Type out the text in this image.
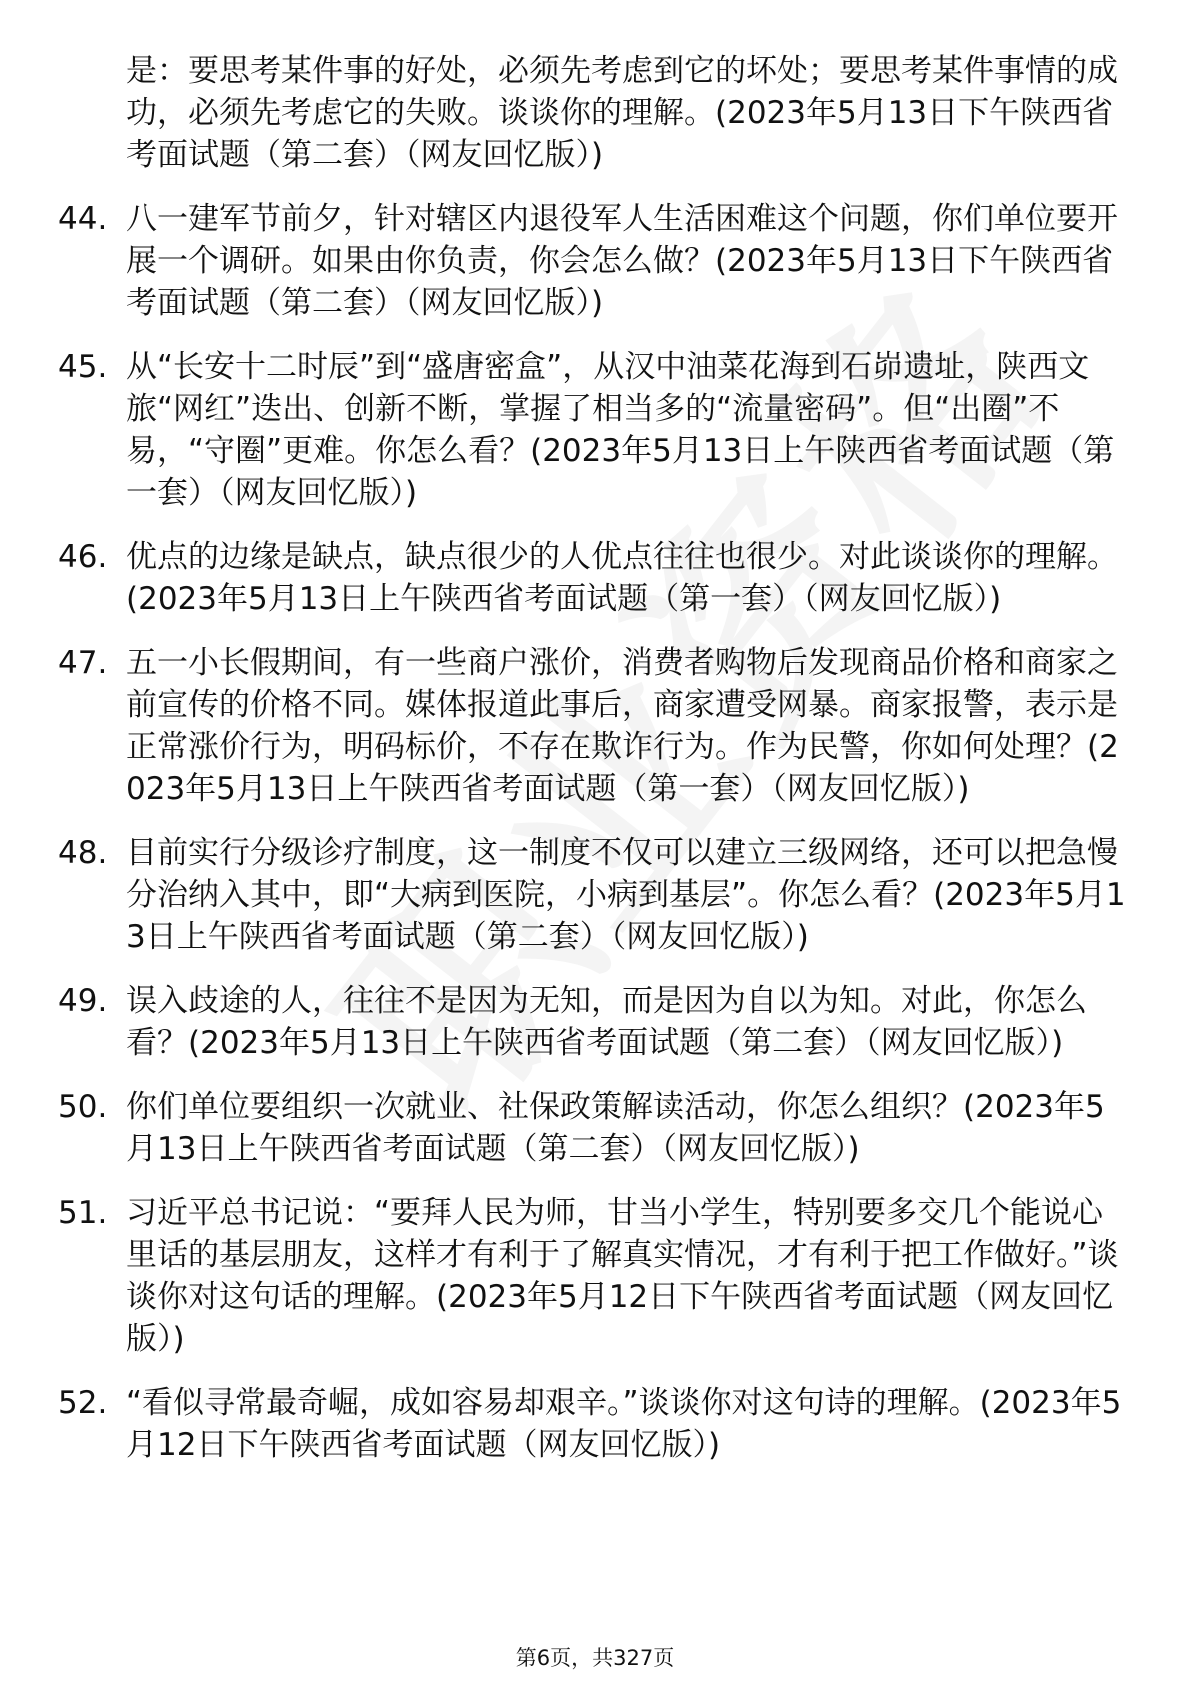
是：要思考某件事的好处，必须先考虑到它的坏处；要思考某件事情的成功，必须先考虑它的失败。谈谈你的理解。(2023年5月13日下午陕西省考面试题（第二套）（网友回忆版）)
44. 八一建军节前夕，针对辖区内退役军人生活困难这个问题，你们单位要开展一个调研。如果由你负责，你会怎么做？(2023年5月13日下午陕西省考面试题（第二套）（网友回忆版）)
45. 从“长安十二时辰”到“盛唐密盒”，从汉中油菜花海到石峁遗址，陕西文旅“网红”迭出、创新不断，掌握了相当多的“流量密码”。但“出圈”不易，“守圈”更难。你怎么看？(2023年5月13日上午陕西省考面试题（第一套）（网友回忆版）)
46. 优点的边缘是缺点，缺点很少的人优点往往也很少。对此谈谈你的理解。(2023年5月13日上午陕西省考面试题（第一套）（网友回忆版）)
47. 五一小长假期间，有一些商户涨价，消费者购物后发现商品价格和商家之前宣传的价格不同。媒体报道此事后，商家遭受网暴。商家报警，表示是正常涨价行为，明码标价，不存在欺诈行为。作为民警，你如何处理？(2023年5月13日上午陕西省考面试题（第一套）（网友回忆版）)
48. 目前实行分级诊疗制度，这一制度不仅可以建立三级网络，还可以把急慢分治纳入其中，即“大病到医院，小病到基层”。你怎么看？(2023年5月13日上午陕西省考面试题（第二套）（网友回忆版）)
49. 误入歧途的人，往往不是因为无知，而是因为自以为知。对此，你怎么看？(2023年5月13日上午陕西省考面试题（第二套）（网友回忆版）)
50. 你们单位要组织一次就业、社保政策解读活动，你怎么组织？(2023年5月13日上午陕西省考面试题（第二套）（网友回忆版）)
51. 习近平总书记说：“要拜人民为师，甘当小学生，特别要多交几个能说心里话的基层朋友，这样才有利于了解真实情况，才有利于把工作做好。”谈谈你对这句话的理解。(2023年5月12日下午陕西省考面试题（网友回忆版）)
52. “看似寻常最奇崛，成如容易却艰辛。”谈谈你对这句诗的理解。(2023年5月12日下午陕西省考面试题（网友回忆版）)
第6页，共327页
